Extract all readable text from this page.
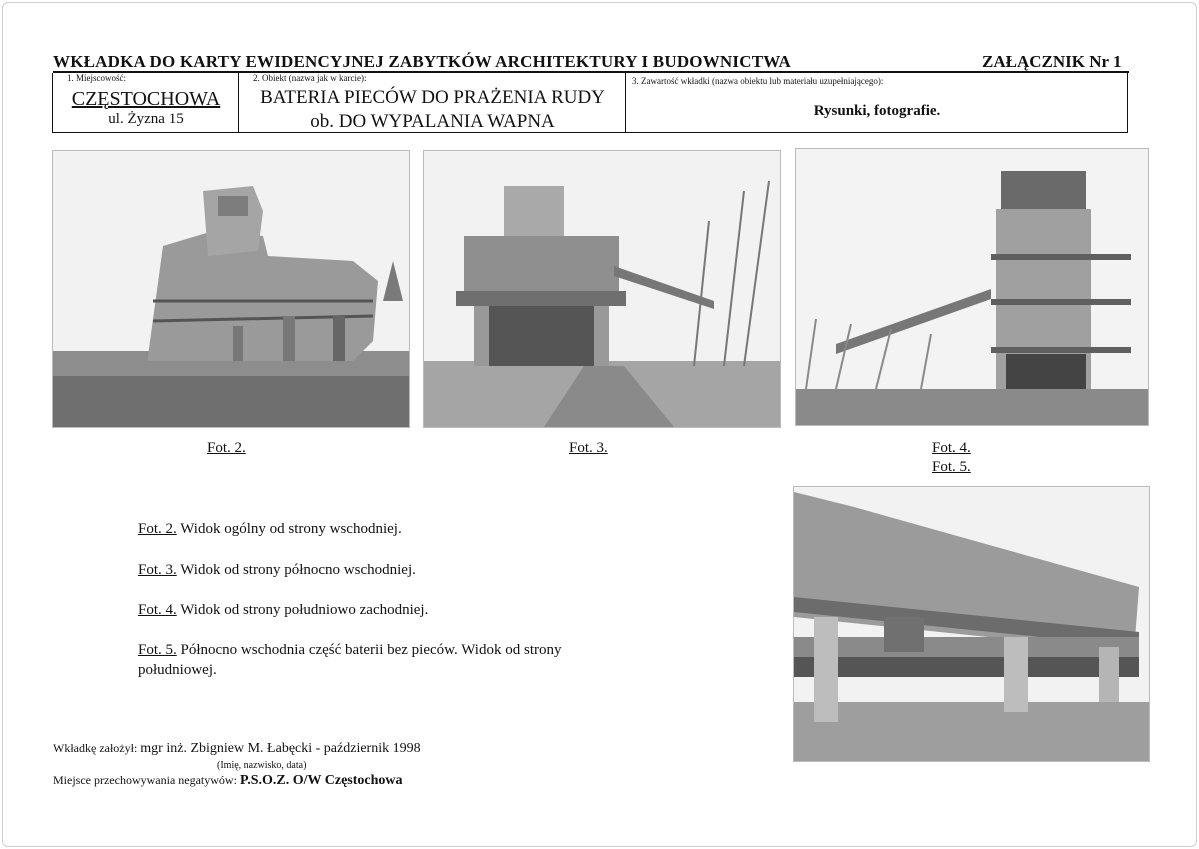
WKŁADKA DO KARTY EWIDENCYJNEJ ZABYTKÓW ARCHITEKTURY I BUDOWNICTWA	ZAŁĄCZNIK Nr 1
1. Miejscowość:
CZĘSTOCHOWA
ul. Żyzna 15
2. Obiekt (nazwa jak w karcie):
BATERIA PIECÓW DO PRAŻENIA RUDY
ob. DO WYPALANIA WAPNA
3. Zawartość wkładki (nazwa obiektu lub materiału uzupełniającego):
Rysunki, fotografie.
Fot. 2.	Fot. 3.	Fot. 4.
Fot. 5.
Fot. 2. Widok ogólny od strony wschodniej.
Fot. 3. Widok od strony północno wschodniej.
Fot. 4. Widok od strony południowo zachodniej.
Fot. 5. Północno wschodnia część baterii bez pieców. Widok od strony
południowej.
Wkładkę założył: mgr inż. Zbigniew M. Łabęcki - październik 1998
(Imię, nazwisko, data)
Miejsce przechowywania negatywów: P.S.O.Z. O/W Częstochowa
